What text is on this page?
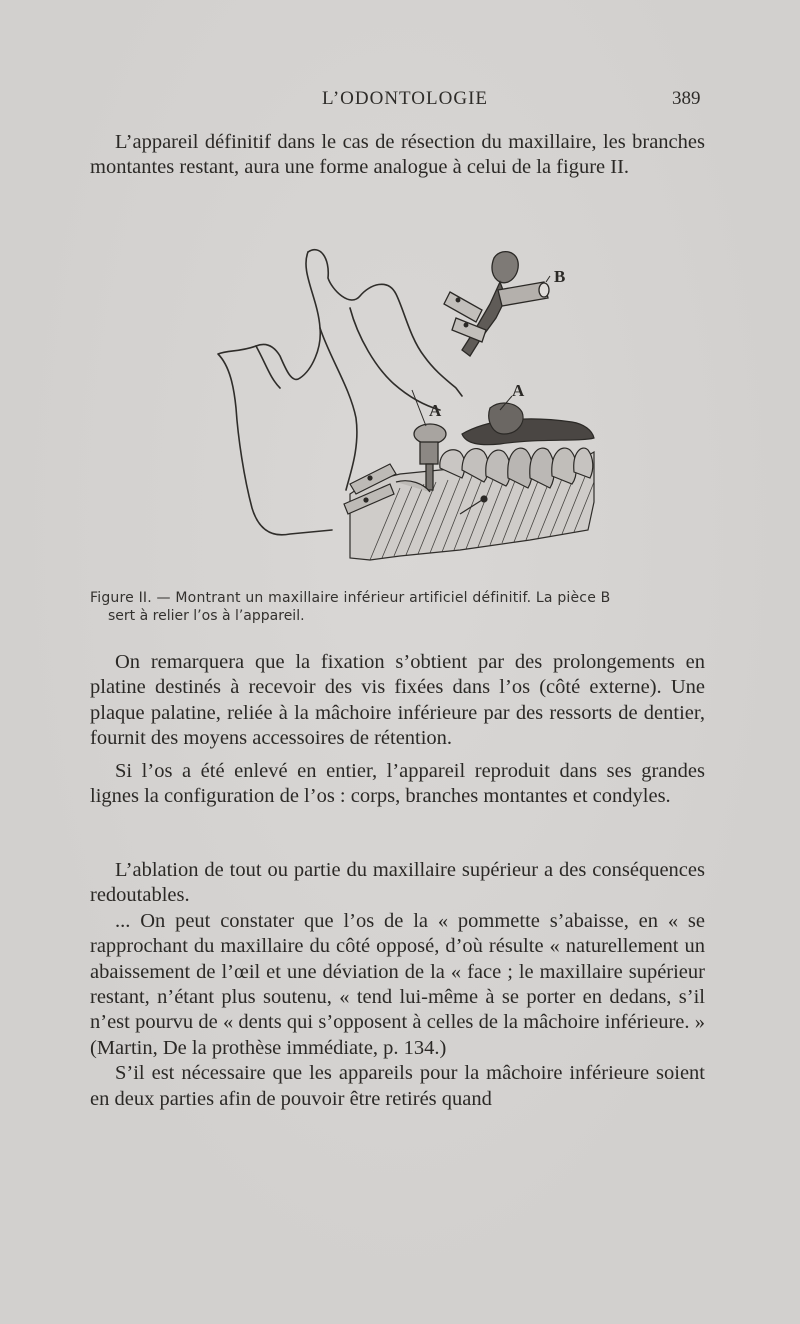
L’ODONTOLOGIE	389

L’appareil définitif dans le cas de résection du maxillaire, les branches montantes restant, aura une forme analogue à celui de la figure II.

A
A
B
Figure II. — Montrant un maxillaire inférieur artificiel définitif. La pièce B
sert à relier l’os à l’appareil.

On remarquera que la fixation s’obtient par des prolongements en platine destinés à recevoir des vis fixées dans l’os (côté externe). Une plaque palatine, reliée à la mâchoire inférieure par des ressorts de dentier, fournit des moyens accessoires de rétention.

Si l’os a été enlevé en entier, l’appareil reproduit dans ses grandes lignes la configuration de l’os : corps, branches montantes et condyles.

L’ablation de tout ou partie du maxillaire supérieur a des conséquences redoutables.

... On peut constater que l’os de la « pommette s’abaisse, en « se rapprochant du maxillaire du côté opposé, d’où résulte « naturellement un abaissement de l’œil et une déviation de la « face ; le maxillaire supérieur restant, n’étant plus soutenu, « tend lui-même à se porter en dedans, s’il n’est pourvu de « dents qui s’opposent à celles de la mâchoire inférieure. » (Martin, De la prothèse immédiate, p. 134.)

S’il est nécessaire que les appareils pour la mâchoire inférieure soient en deux parties afin de pouvoir être retirés quand
